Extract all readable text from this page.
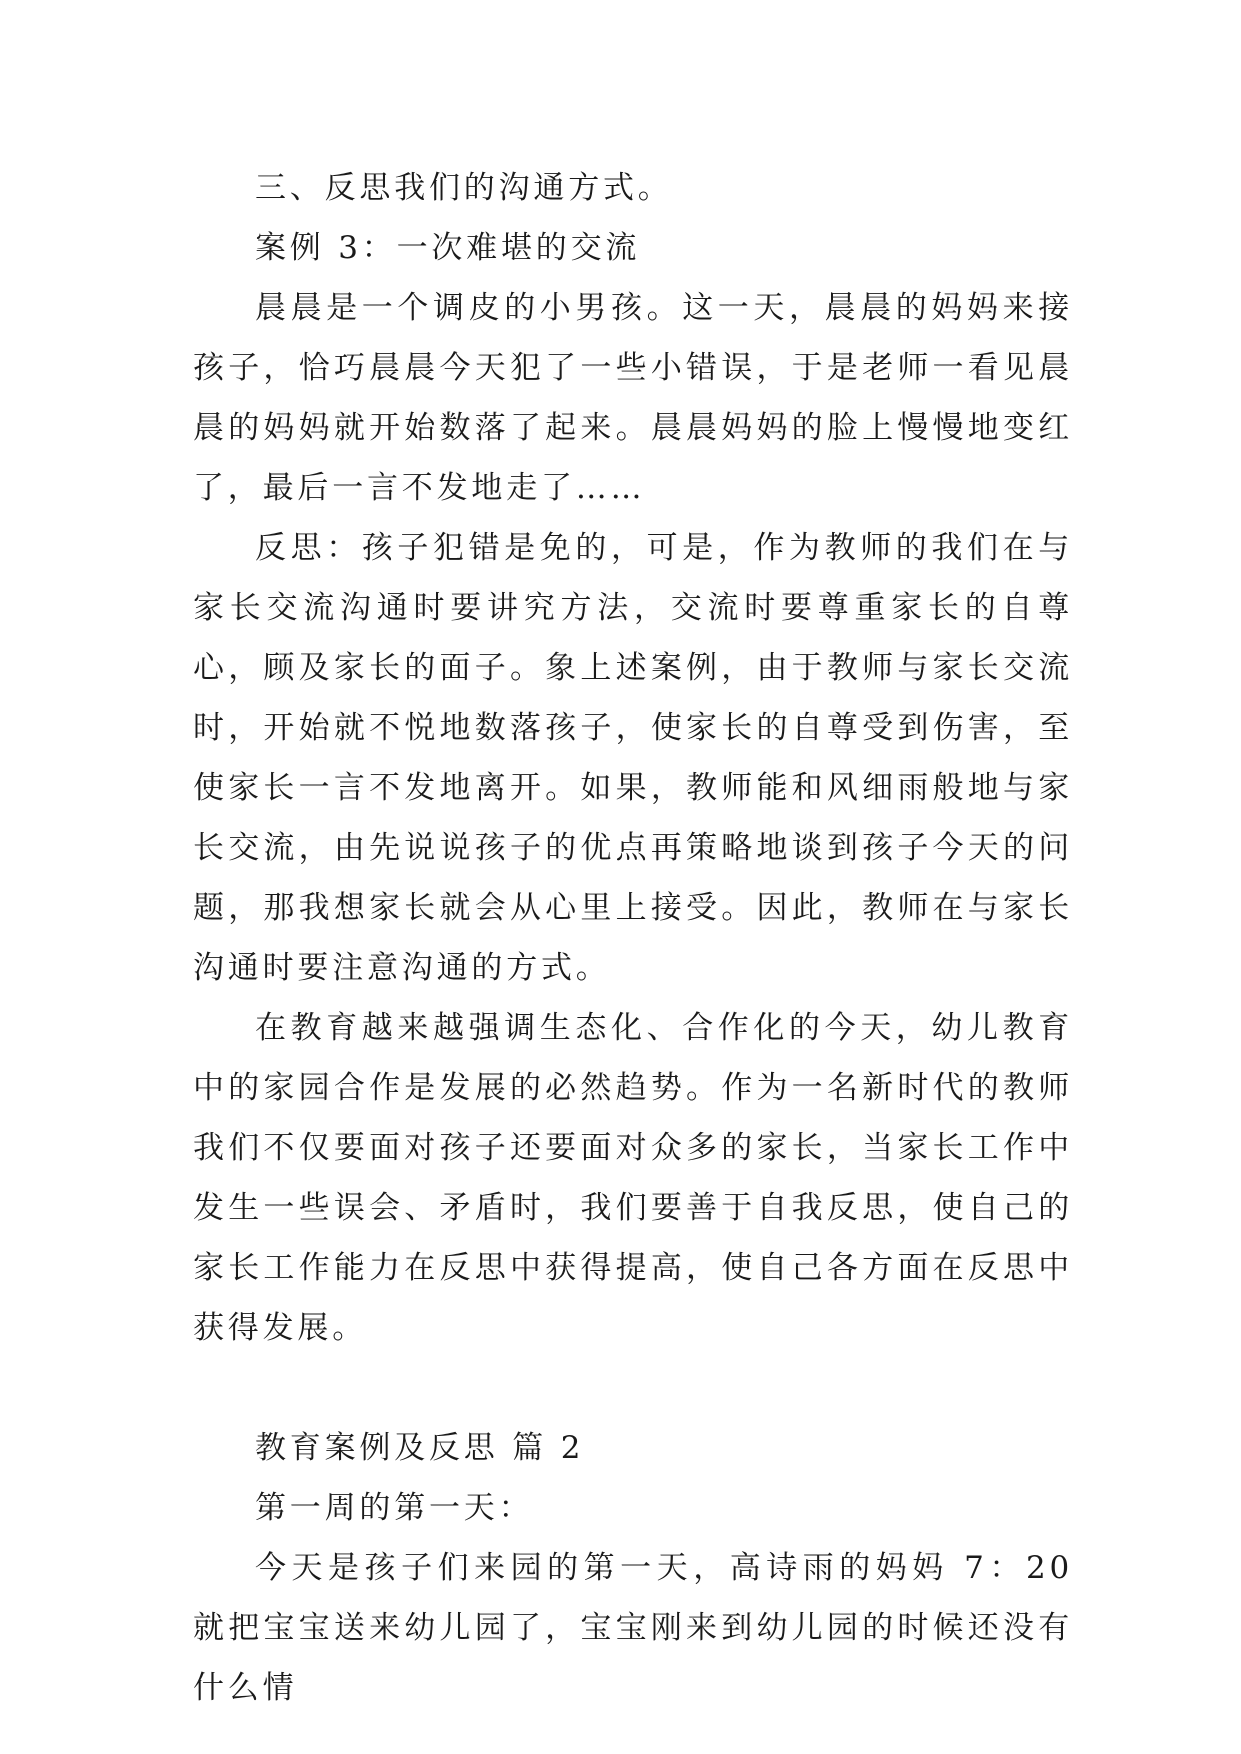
三、反思我们的沟通方式。

案例 3：一次难堪的交流

晨晨是一个调皮的小男孩。这一天，晨晨的妈妈来接孩子，恰巧晨晨今天犯了一些小错误，于是老师一看见晨晨的妈妈就开始数落了起来。晨晨妈妈的脸上慢慢地变红了，最后一言不发地走了……

反思：孩子犯错是免的，可是，作为教师的我们在与家长交流沟通时要讲究方法，交流时要尊重家长的自尊心，顾及家长的面子。象上述案例，由于教师与家长交流时，开始就不悦地数落孩子，使家长的自尊受到伤害，至使家长一言不发地离开。如果，教师能和风细雨般地与家长交流，由先说说孩子的优点再策略地谈到孩子今天的问题，那我想家长就会从心里上接受。因此，教师在与家长沟通时要注意沟通的方式。

在教育越来越强调生态化、合作化的今天，幼儿教育中的家园合作是发展的必然趋势。作为一名新时代的教师我们不仅要面对孩子还要面对众多的家长，当家长工作中发生一些误会、矛盾时，我们要善于自我反思，使自己的家长工作能力在反思中获得提高，使自己各方面在反思中获得发展。

教育案例及反思 篇 2

第一周的第一天：

今天是孩子们来园的第一天，高诗雨的妈妈 7：20 就把宝宝送来幼儿园了，宝宝刚来到幼儿园的时候还没有什么情
